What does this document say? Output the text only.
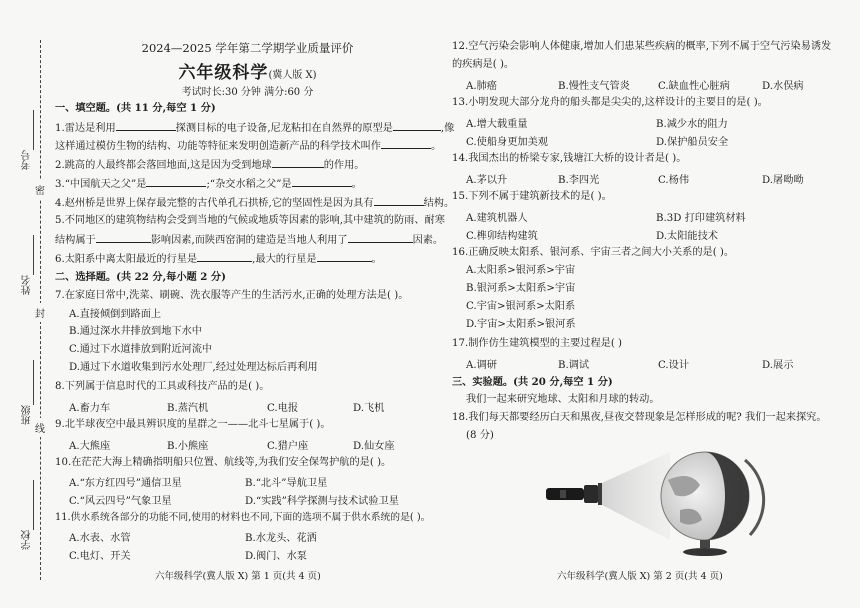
考号
密
姓名
封
班级
线
学校
2024—2025 学年第二学期学业质量评价
六年级科学(冀人版 X)
考试时长:30 分钟 满分:60 分
一、填空题。(共 11 分,每空 1 分)
1.雷达是利用	探测目标的电子设备,尼龙粘扣在自然界的原型是	,像
这样通过模仿生物的结构、功能等特征来发明创造新产品的科学技术叫作	。
2.跳高的人最终都会落回地面,这是因为受到地球	的作用。
3.“中国航天之父”是	;“杂交水稻之父”是	。
4.赵州桥是世界上保存最完整的古代单孔石拱桥,它的坚固性是因为具有	结构。
5.不同地区的建筑物结构会受到当地的气候或地质等因素的影响,其中建筑的防雨、耐寒
结构属于	影响因素,而陕西窑洞的建造是当地人利用了	因素。
6.太阳系中离太阳最近的行星是	,最大的行星是	。
二、选择题。(共 22 分,每小题 2 分)
7.在家庭日常中,洗菜、刷碗、洗衣服等产生的生活污水,正确的处理方法是( )。
A.直接倾倒到路面上
B.通过深水井排放到地下水中
C.通过下水道排放到附近河流中
D.通过下水道收集到污水处理厂,经过处理达标后再利用
8.下列属于信息时代的工具或科技产品的是( )。
A.畜力车	B.蒸汽机	C.电报	D.飞机
9.北半球夜空中最具辨识度的星群之一——北斗七星属于( )。
A.大熊座	B.小熊座	C.猎户座	D.仙女座
10.在茫茫大海上精确指明船只位置、航线等,为我们安全保驾护航的是( )。
A.“东方红四号”通信卫星	B.“北斗”导航卫星
C.“风云四号”气象卫星	D.“实践”科学探测与技术试验卫星
11.供水系统各部分的功能不同,使用的材料也不同,下面的选项不属于供水系统的是( )。
A.水表、水管	B.水龙头、花洒
C.电灯、开关	D.阀门、水泵
六年级科学(冀人版 X) 第 1 页(共 4 页)
12.空气污染会影响人体健康,增加人们患某些疾病的概率,下列不属于空气污染易诱发
的疾病是( )。
A.肺癌	B.慢性支气管炎	C.缺血性心脏病	D.水俣病
13.小明发现大部分龙舟的船头都是尖尖的,这样设计的主要目的是( )。
A.增大载重量	B.减少水的阻力
C.使船身更加美观	D.保护船员安全
14.我国杰出的桥梁专家,钱塘江大桥的设计者是( )。
A.茅以升	B.李四光	C.杨伟	D.屠呦呦
15.下列不属于建筑新技术的是( )。
A.建筑机器人	B.3D 打印建筑材料
C.榫卯结构建筑	D.太阳能技术
16.正确反映太阳系、银河系、宇宙三者之间大小关系的是( )。
A.太阳系>银河系>宇宙
B.银河系>太阳系>宇宙
C.宇宙>银河系>太阳系
D.宇宙>太阳系>银河系
17.制作仿生建筑模型的主要过程是( )
A.调研	B.调试	C.设计	D.展示
三、实验题。(共 20 分,每空 1 分)
我们一起来研究地球、太阳和月球的转动。
18.我们每天都要经历白天和黑夜,昼夜交替现象是怎样形成的呢? 我们一起来探究。
(8 分)
六年级科学(冀人版 X) 第 2 页(共 4 页)
